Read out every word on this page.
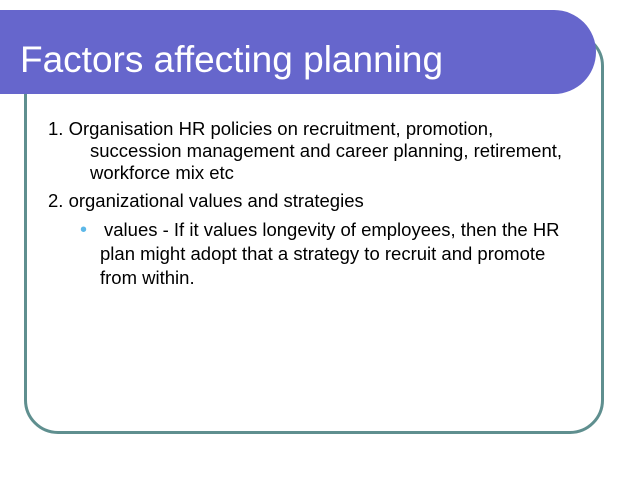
Factors affecting planning

1. Organisation HR policies on recruitment, promotion, succession management and career planning, retirement, workforce mix etc

2. organizational values and strategies

• values - If it values longevity of employees, then the HR plan might adopt that a strategy to recruit and promote from within.
